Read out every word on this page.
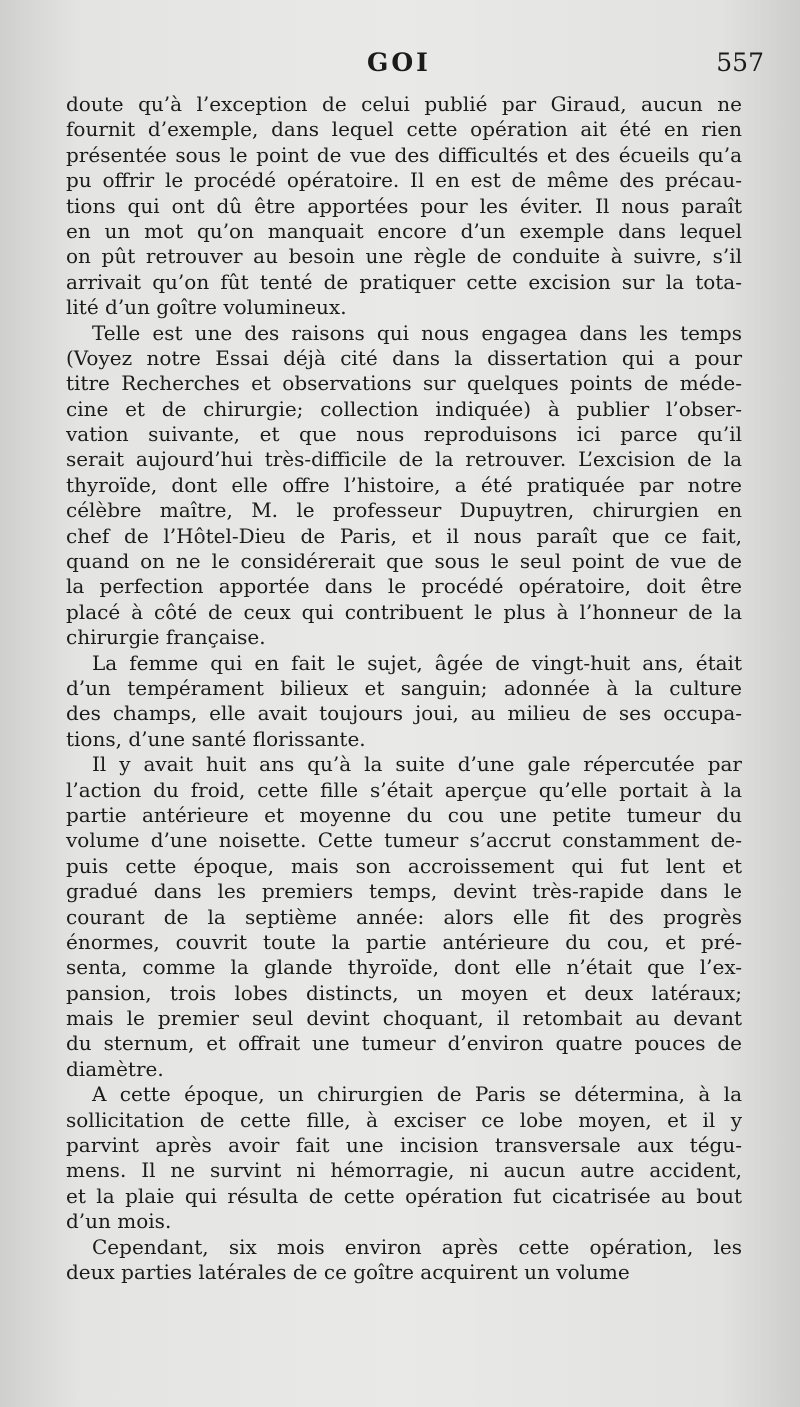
GOI	557
doute qu’à l’exception de celui publié par Giraud, aucun ne
fournit d’exemple, dans lequel cette opération ait été en rien
présentée sous le point de vue des difficultés et des écueils qu’a
pu offrir le procédé opératoire. Il en est de même des précau-
tions qui ont dû être apportées pour les éviter. Il nous paraît
en un mot qu’on manquait encore d’un exemple dans lequel
on pût retrouver au besoin une règle de conduite à suivre, s’il
arrivait qu’on fût tenté de pratiquer cette excision sur la tota-
lité d’un goître volumineux.
Telle est une des raisons qui nous engagea dans les temps
(Voyez notre Essai déjà cité dans la dissertation qui a pour
titre Recherches et observations sur quelques points de méde-
cine et de chirurgie; collection indiquée) à publier l’obser-
vation suivante, et que nous reproduisons ici parce qu’il
serait aujourd’hui très-difficile de la retrouver. L’excision de la
thyroïde, dont elle offre l’histoire, a été pratiquée par notre
célèbre maître, M. le professeur Dupuytren, chirurgien en
chef de l’Hôtel-Dieu de Paris, et il nous paraît que ce fait,
quand on ne le considérerait que sous le seul point de vue de
la perfection apportée dans le procédé opératoire, doit être
placé à côté de ceux qui contribuent le plus à l’honneur de la
chirurgie française.
La femme qui en fait le sujet, âgée de vingt-huit ans, était
d’un tempérament bilieux et sanguin; adonnée à la culture
des champs, elle avait toujours joui, au milieu de ses occupa-
tions, d’une santé florissante.
Il y avait huit ans qu’à la suite d’une gale répercutée par
l’action du froid, cette fille s’était aperçue qu’elle portait à la
partie antérieure et moyenne du cou une petite tumeur du
volume d’une noisette. Cette tumeur s’accrut constamment de-
puis cette époque, mais son accroissement qui fut lent et
gradué dans les premiers temps, devint très-rapide dans le
courant de la septième année: alors elle fit des progrès
énormes, couvrit toute la partie antérieure du cou, et pré-
senta, comme la glande thyroïde, dont elle n’était que l’ex-
pansion, trois lobes distincts, un moyen et deux latéraux;
mais le premier seul devint choquant, il retombait au devant
du sternum, et offrait une tumeur d’environ quatre pouces de
diamètre.
A cette époque, un chirurgien de Paris se détermina, à la
sollicitation de cette fille, à exciser ce lobe moyen, et il y
parvint après avoir fait une incision transversale aux tégu-
mens. Il ne survint ni hémorragie, ni aucun autre accident,
et la plaie qui résulta de cette opération fut cicatrisée au bout
d’un mois.
Cependant, six mois environ après cette opération, les
deux parties latérales de ce goître acquirent un volume
